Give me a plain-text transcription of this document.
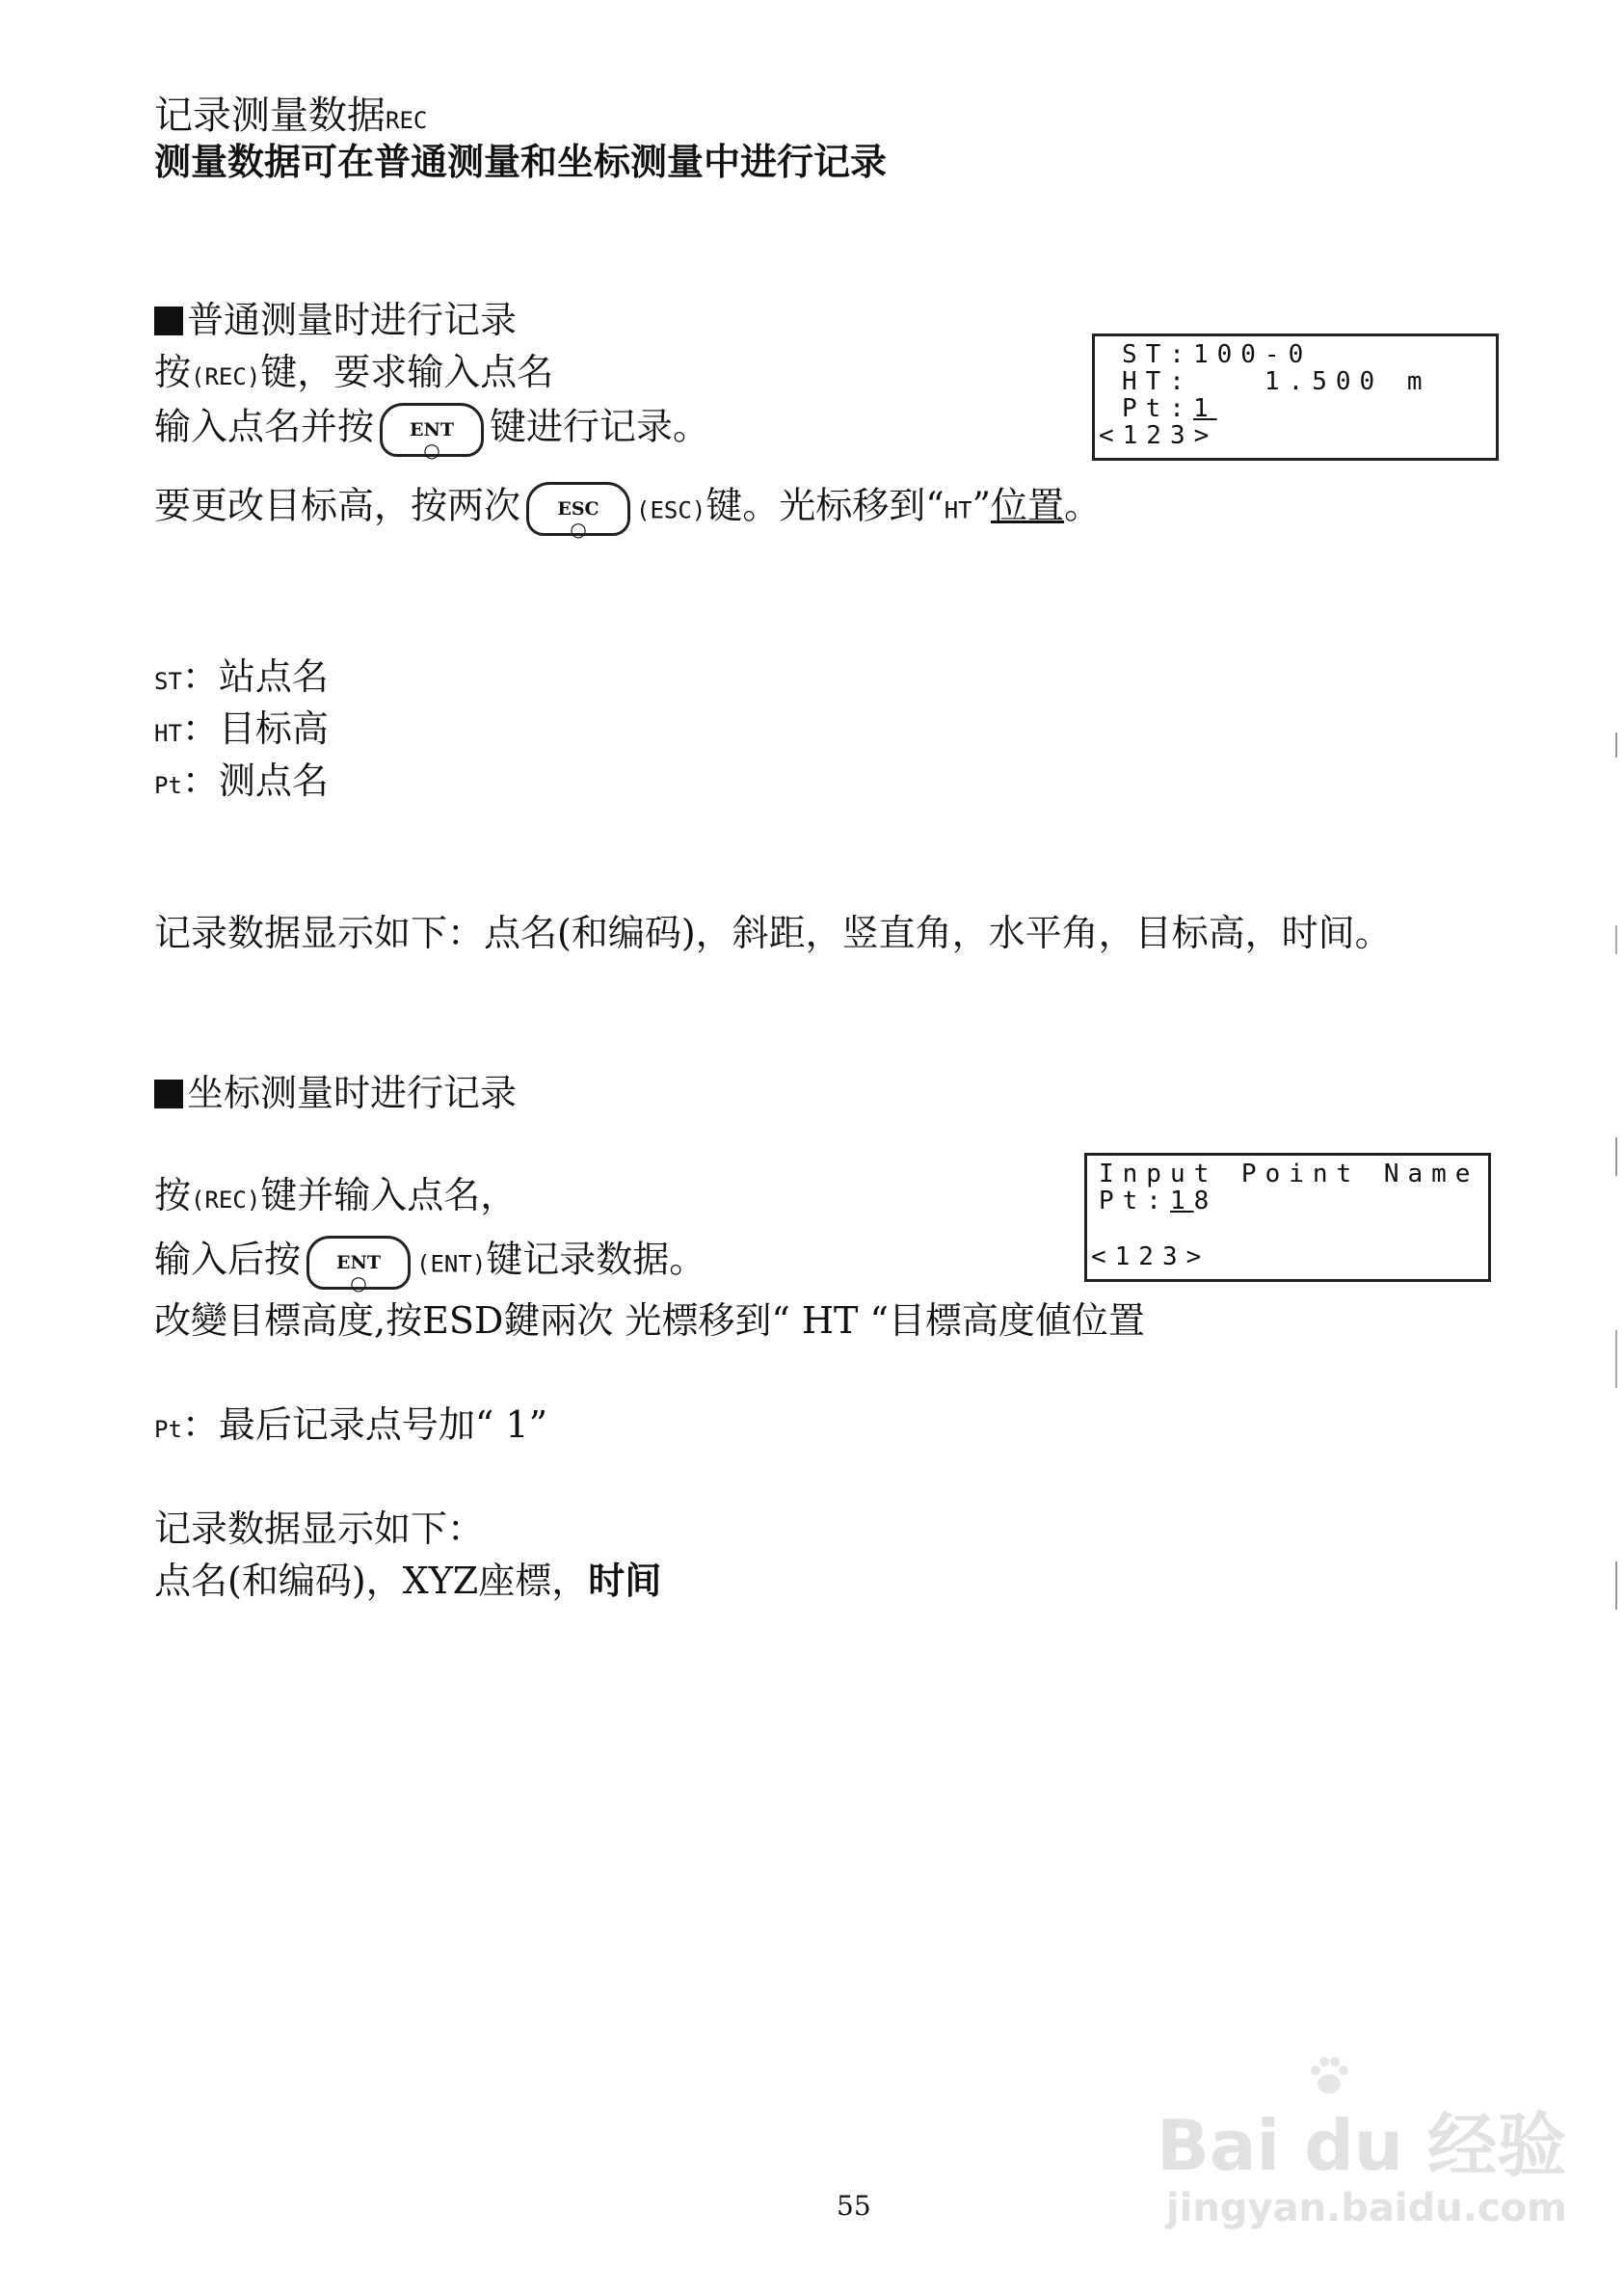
记录测量数据REC
测量数据可在普通测量和坐标测量中进行记录
普通测量时进行记录
按(REC)键，要求输入点名
输入点名并按	ENT
○
键进行记录。
要更改目标高，按两次	ESC
○
(ESC)键。光标移到“HT”位置。
ST:100-0
HT:   1.500 m
Pt:1
<123>
ST：站点名
HT：目标高
Pt：测点名
记录数据显示如下：点名(和编码)，斜距，竖直角，水平角，目标高，时间。
坐标测量时进行记录
按(REC)键并输入点名，
输入后按	ENT
○
(ENT)键记录数据。
改變目標高度,按ESD鍵兩次 光標移到“ HT “目標高度値位置
Input Point Name
Pt:18
<123>
Pt：最后记录点号加“ 1”
记录数据显示如下：
点名(和编码)，XYZ座標，时间
55
Bai du 经验
jingyan.baidu.com
